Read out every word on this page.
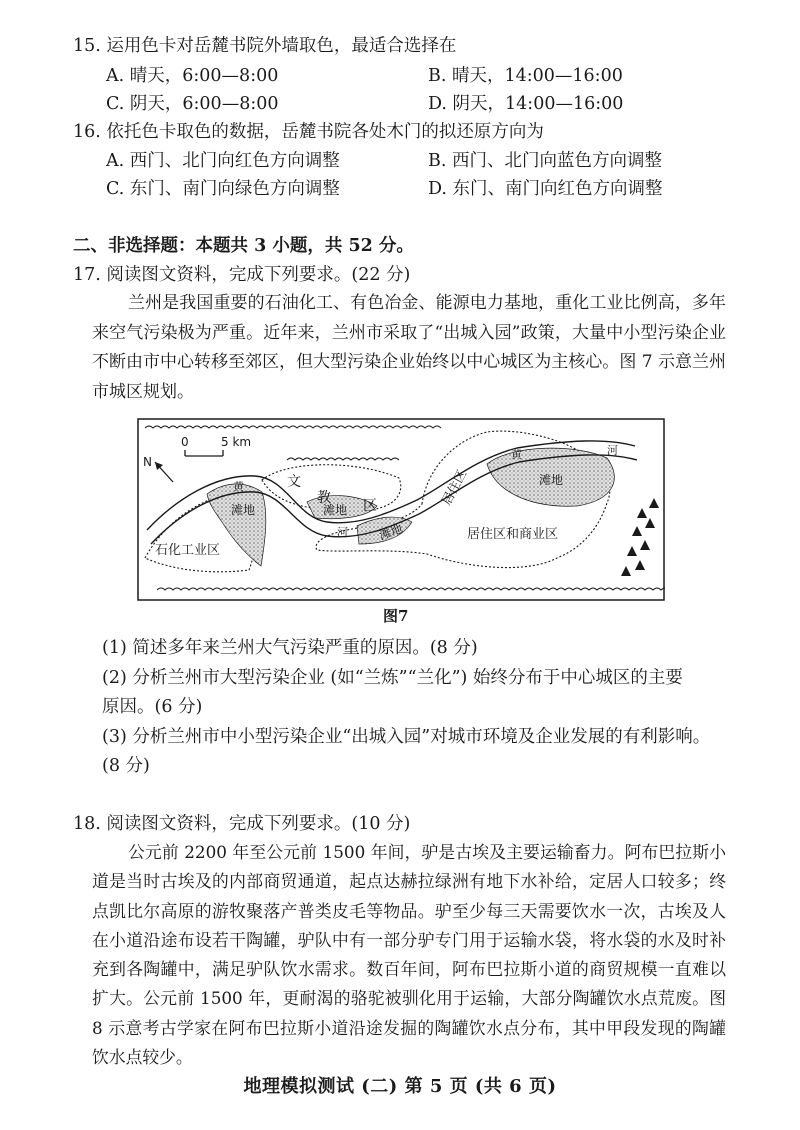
15. 运用色卡对岳麓书院外墙取色，最适合选择在
A. 晴天，6:00—8:00	B. 晴天，14:00—16:00
C. 阴天，6:00—8:00	D. 阴天，14:00—16:00
16. 依托色卡取色的数据，岳麓书院各处木门的拟还原方向为
A. 西门、北门向红色方向调整	B. 西门、北门向蓝色方向调整
C. 东门、南门向绿色方向调整	D. 东门、南门向红色方向调整
二、非选择题：本题共 3 小题，共 52 分。
17. 阅读图文资料，完成下列要求。(22 分)
兰州是我国重要的石油化工、有色冶金、能源电力基地，重化工业比例高，多年来空气污染极为严重。近年来，兰州市采取了“出城入园”政策，大量中小型污染企业不断由市中心转移至郊区，但大型污染企业始终以中心城区为主核心。图 7 示意兰州市城区规划。
0	5 km
N
石化工业区
文
教 区	居住区
居住区和商业区
滩地	滩地
滩地
滩地
黄
河
黄	河
图7
(1) 简述多年来兰州大气污染严重的原因。(8 分)
(2) 分析兰州市大型污染企业 (如“兰炼”“兰化”) 始终分布于中心城区的主要
原因。(6 分)
(3) 分析兰州市中小型污染企业“出城入园”对城市环境及企业发展的有利影响。
(8 分)
18. 阅读图文资料，完成下列要求。(10 分)
公元前 2200 年至公元前 1500 年间，驴是古埃及主要运输畜力。阿布巴拉斯小道是当时古埃及的内部商贸通道，起点达赫拉绿洲有地下水补给，定居人口较多；终点凯比尔高原的游牧聚落产普类皮毛等物品。驴至少每三天需要饮水一次，古埃及人在小道沿途布设若干陶罐，驴队中有一部分驴专门用于运输水袋，将水袋的水及时补充到各陶罐中，满足驴队饮水需求。数百年间，阿布巴拉斯小道的商贸规模一直难以扩大。公元前 1500 年，更耐渴的骆驼被驯化用于运输，大部分陶罐饮水点荒废。图 8 示意考古学家在阿布巴拉斯小道沿途发掘的陶罐饮水点分布，其中甲段发现的陶罐饮水点较少。
地理模拟测试 (二) 第 5 页 (共 6 页)
